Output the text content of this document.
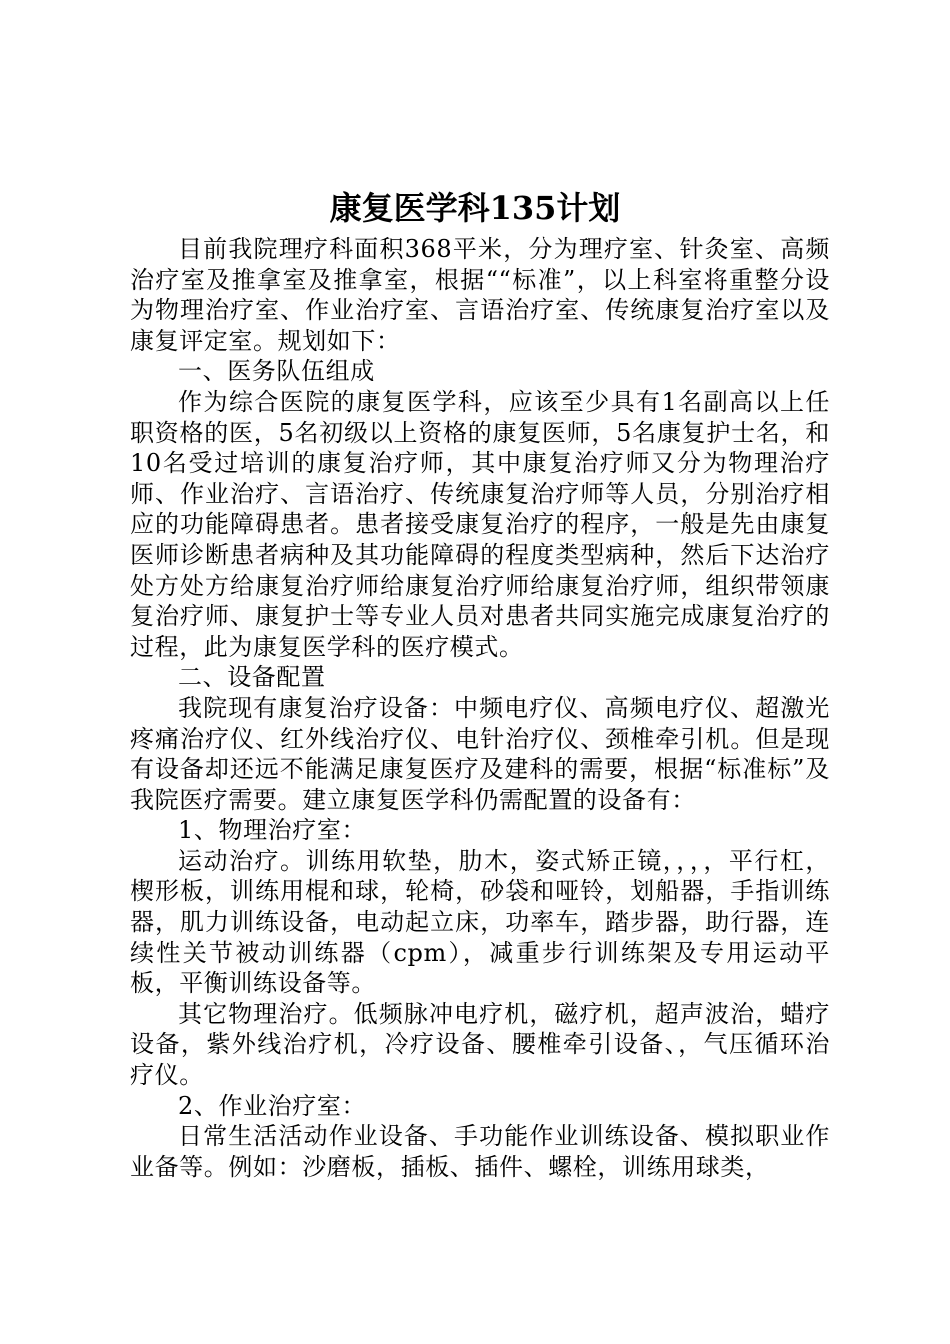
康复医学科135计划

目前我院理疗科面积368平米，分为理疗室、针灸室、高频治疗室及推拿室及推拿室，根据““标准”，以上科室将重整分设为物理治疗室、作业治疗室、言语治疗室、传统康复治疗室以及康复评定室。规划如下：

一、医务队伍组成

作为综合医院的康复医学科，应该至少具有1名副高以上任职资格的医，5名初级以上资格的康复医师，5名康复护士名，和10名受过培训的康复治疗师，其中康复治疗师又分为物理治疗师、作业治疗、言语治疗、传统康复治疗师等人员，分别治疗相应的功能障碍患者。患者接受康复治疗的程序，一般是先由康复医师诊断患者病种及其功能障碍的程度类型病种，然后下达治疗处方处方给康复治疗师给康复治疗师给康复治疗师，组织带领康复治疗师、康复护士等专业人员对患者共同实施完成康复治疗的过程，此为康复医学科的医疗模式。

二、设备配置

我院现有康复治疗设备：中频电疗仪、高频电疗仪、超激光疼痛治疗仪、红外线治疗仪、电针治疗仪、颈椎牵引机。但是现有设备却还远不能满足康复医疗及建科的需要，根据“标准标”及我院医疗需要。建立康复医学科仍需配置的设备有：

1、物理治疗室：

运动治疗。训练用软垫，肋木，姿式矫正镜，，，，平行杠，楔形板，训练用棍和球，轮椅，砂袋和哑铃，划船器，手指训练器，肌力训练设备，电动起立床，功率车，踏步器，助行器，连续性关节被动训练器（cpm），减重步行训练架及专用运动平板，平衡训练设备等。

其它物理治疗。低频脉冲电疗机，磁疗机，超声波治，蜡疗设备，紫外线治疗机，冷疗设备、腰椎牵引设备、，气压循环治疗仪。

2、作业治疗室：

日常生活活动作业设备、手功能作业训练设备、模拟职业作业备等。例如：沙磨板，插板、插件、螺栓，训练用球类，
